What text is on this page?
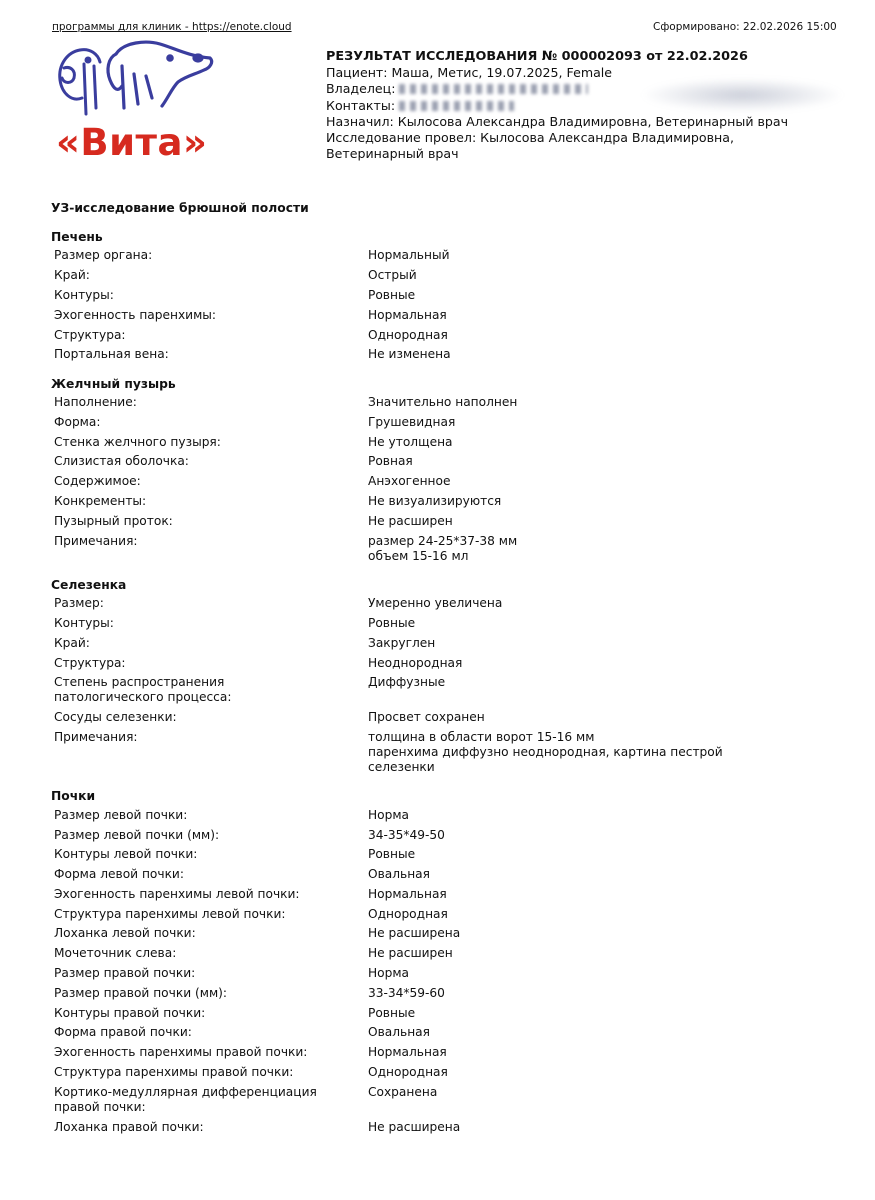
программы для клиник - https://enote.cloud	Сформировано: 22.02.2026 15:00
«Вита»
РЕЗУЛЬТАТ ИССЛЕДОВАНИЯ № 000002093 от 22.02.2026
Пациент: Маша, Метис, 19.07.2025, Female
Владелец:
Контакты:
Назначил: Кылосова Александра Владимировна, Ветеринарный врач
Исследование провел: Кылосова Александра Владимировна,
Ветеринарный врач
УЗ-исследование брюшной полости
Печень
Размер органа:	Нормальный
Край:	Острый
Контуры:	Ровные
Эхогенность паренхимы:	Нормальная
Структура:	Однородная
Портальная вена:	Не изменена
Желчный пузырь
Наполнение:	Значительно наполнен
Форма:	Грушевидная
Стенка желчного пузыря:	Не утолщена
Слизистая оболочка:	Ровная
Содержимое:	Анэхогенное
Конкременты:	Не визуализируются
Пузырный проток:	Не расширен
Примечания:	размер 24-25*37-38 мм
объем 15-16 мл
Селезенка
Размер:	Умеренно увеличена
Контуры:	Ровные
Край:	Закруглен
Структура:	Неоднородная
Степень распространения
патологического процесса:
Диффузные
Сосуды селезенки:	Просвет сохранен
Примечания:	толщина в области ворот 15-16 мм
паренхима диффузно неоднородная, картина пестрой
селезенки
Почки
Размер левой почки:	Норма
Размер левой почки (мм):	34-35*49-50
Контуры левой почки:	Ровные
Форма левой почки:	Овальная
Эхогенность паренхимы левой почки:	Нормальная
Структура паренхимы левой почки:	Однородная
Лоханка левой почки:	Не расширена
Мочеточник слева:	Не расширен
Размер правой почки:	Норма
Размер правой почки (мм):	33-34*59-60
Контуры правой почки:	Ровные
Форма правой почки:	Овальная
Эхогенность паренхимы правой почки:	Нормальная
Структура паренхимы правой почки:	Однородная
Кортико-медуллярная дифференциация
правой почки:
Сохранена
Лоханка правой почки:	Не расширена
